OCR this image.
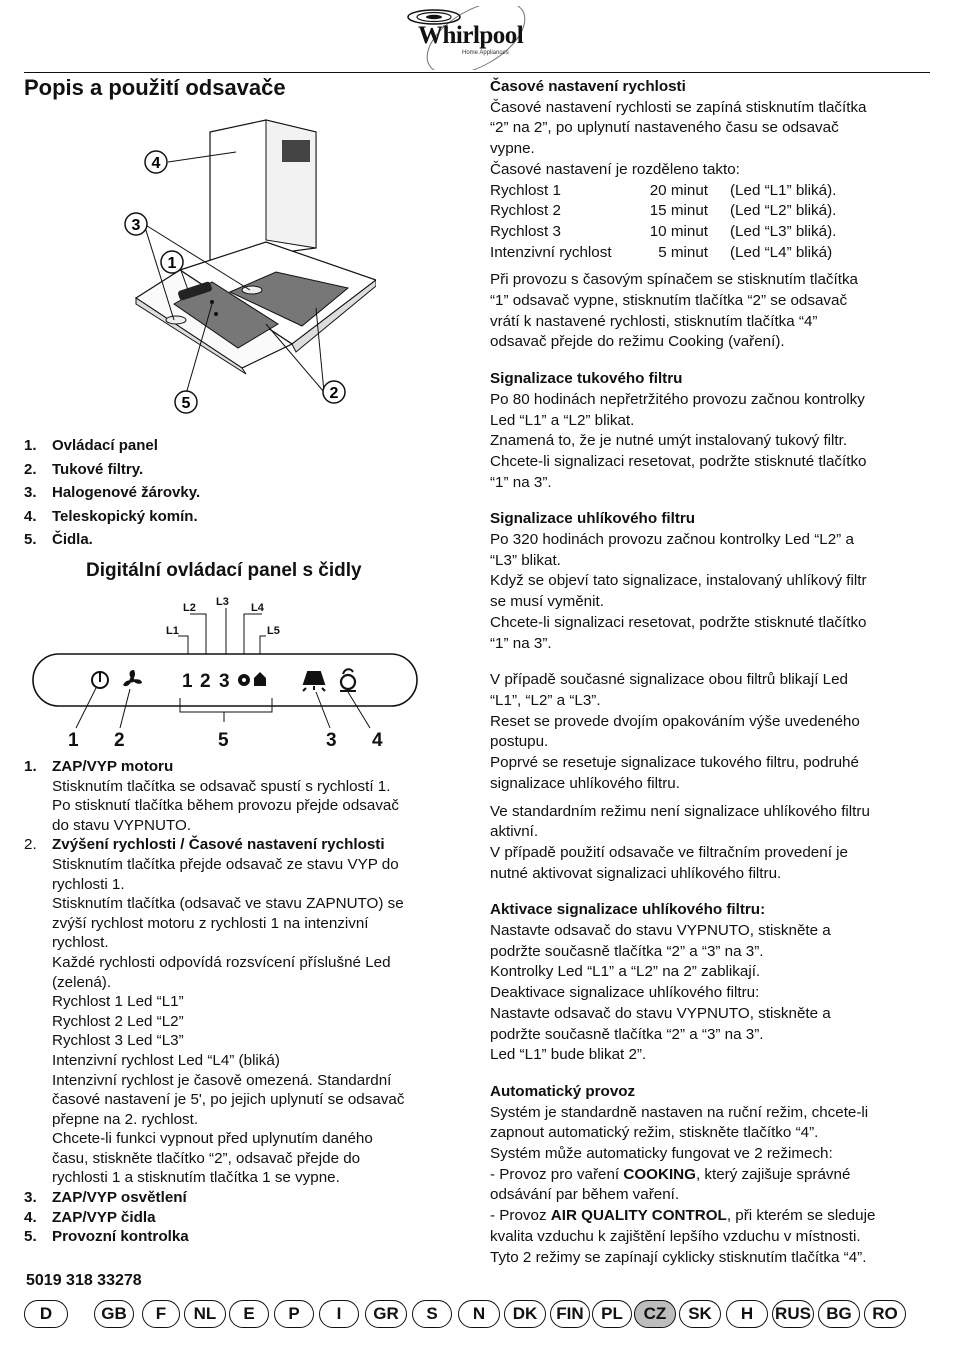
Whirlpool
Home Appliances
Popis a použití odsavače
4
3
1
5
2
1.	Ovládací panel
2.	Tukové filtry.
3.	Halogenové žárovky.
4.	Teleskopický komín.
5.	Čidla.
Digitální ovládací panel s čidly
L1
L2 L3 L4
L5
1 2 3
1 2	5	3 4
1.	ZAP/VYP motoru
Stisknutím tlačítka se odsavač spustí s rychlostí 1.
Po stisknutí tlačítka během provozu přejde odsavač
do stavu VYPNUTO.
2.	Zvýšení rychlosti / Časové nastavení rychlosti
Stisknutím tlačítka přejde odsavač ze stavu VYP do
rychlosti 1.
Stisknutím tlačítka (odsavač ve stavu ZAPNUTO) se
zvýší rychlost motoru z rychlosti 1 na intenzivní
rychlost.
Každé rychlosti odpovídá rozsvícení příslušné Led
(zelená).
Rychlost 1 Led “L1”
Rychlost 2 Led “L2”
Rychlost 3 Led “L3”
Intenzivní rychlost Led “L4” (bliká)
Intenzivní rychlost je časově omezená. Standardní
časové nastavení je 5', po jejich uplynutí se odsavač
přepne na 2. rychlost.
Chcete-li funkci vypnout před uplynutím daného
času, stiskněte tlačítko “2”, odsavač přejde do
rychlosti 1 a stisknutím tlačítka 1 se vypne.
3.	ZAP/VYP osvětlení
4.	ZAP/VYP čidla
5.	Provozní kontrolka
5019 318 33278
D	GB	F	NL	E	P	I	GR	S	N	DK	FIN	PL	CZ	SK	H	RUS BG	RO

Časové nastavení rychlosti

Časové nastavení rychlosti se zapíná stisknutím tlačítka

“2” na 2”, po uplynutí nastaveného času se odsavač

vypne.

Časové nastavení je rozděleno takto:

Rychlost 1	20 minut	(Led “L1” bliká).
Rychlost 2	15 minut	(Led “L2” bliká).
Rychlost 3	10 minut	(Led “L3” bliká).
Intenzivní rychlost	5 minut	(Led “L4” bliká)

Při provozu s časovým spínačem se stisknutím tlačítka

“1” odsavač vypne, stisknutím tlačítka “2” se odsavač

vrátí k nastavené rychlosti, stisknutím tlačítka “4”

odsavač přejde do režimu Cooking (vaření).

Signalizace tukového filtru

Po 80 hodinách nepřetržitého provozu začnou kontrolky

Led “L1” a “L2” blikat.

Znamená to, že je nutné umýt instalovaný tukový filtr.

Chcete-li signalizaci resetovat, podržte stisknuté tlačítko

“1” na 3”.

Signalizace uhlíkového filtru

Po 320 hodinách provozu začnou kontrolky Led “L2” a

“L3” blikat.

Když se objeví tato signalizace, instalovaný uhlíkový filtr

se musí vyměnit.

Chcete-li signalizaci resetovat, podržte stisknuté tlačítko

“1” na 3”.

V případě současné signalizace obou filtrů blikají Led

“L1”, “L2” a “L3”.

Reset se provede dvojím opakováním výše uvedeného

postupu.

Poprvé se resetuje signalizace tukového filtru, podruhé

signalizace uhlíkového filtru.

Ve standardním režimu není signalizace uhlíkového filtru

aktivní.

V případě použití odsavače ve filtračním provedení je

nutné aktivovat signalizaci uhlíkového filtru.

Aktivace signalizace uhlíkového filtru:

Nastavte odsavač do stavu VYPNUTO, stiskněte a

podržte současně tlačítka “2” a “3” na 3”.

Kontrolky Led “L1” a “L2” na 2” zablikají.

Deaktivace signalizace uhlíkového filtru:

Nastavte odsavač do stavu VYPNUTO, stiskněte a

podržte současně tlačítka “2” a “3” na 3”.

Led “L1” bude blikat 2”.

Automatický provoz

Systém je standardně nastaven na ruční režim, chcete-li

zapnout automatický režim, stiskněte tlačítko “4”.

Systém může automaticky fungovat ve 2 režimech:

- Provoz pro vaření COOKING, který zajišuje správné

odsávání par během vaření.

- Provoz AIR QUALITY CONTROL, při kterém se sleduje

kvalita vzduchu k zajištění lepšího vzduchu v místnosti.

Tyto 2 režimy se zapínají cyklicky stisknutím tlačítka “4”.
